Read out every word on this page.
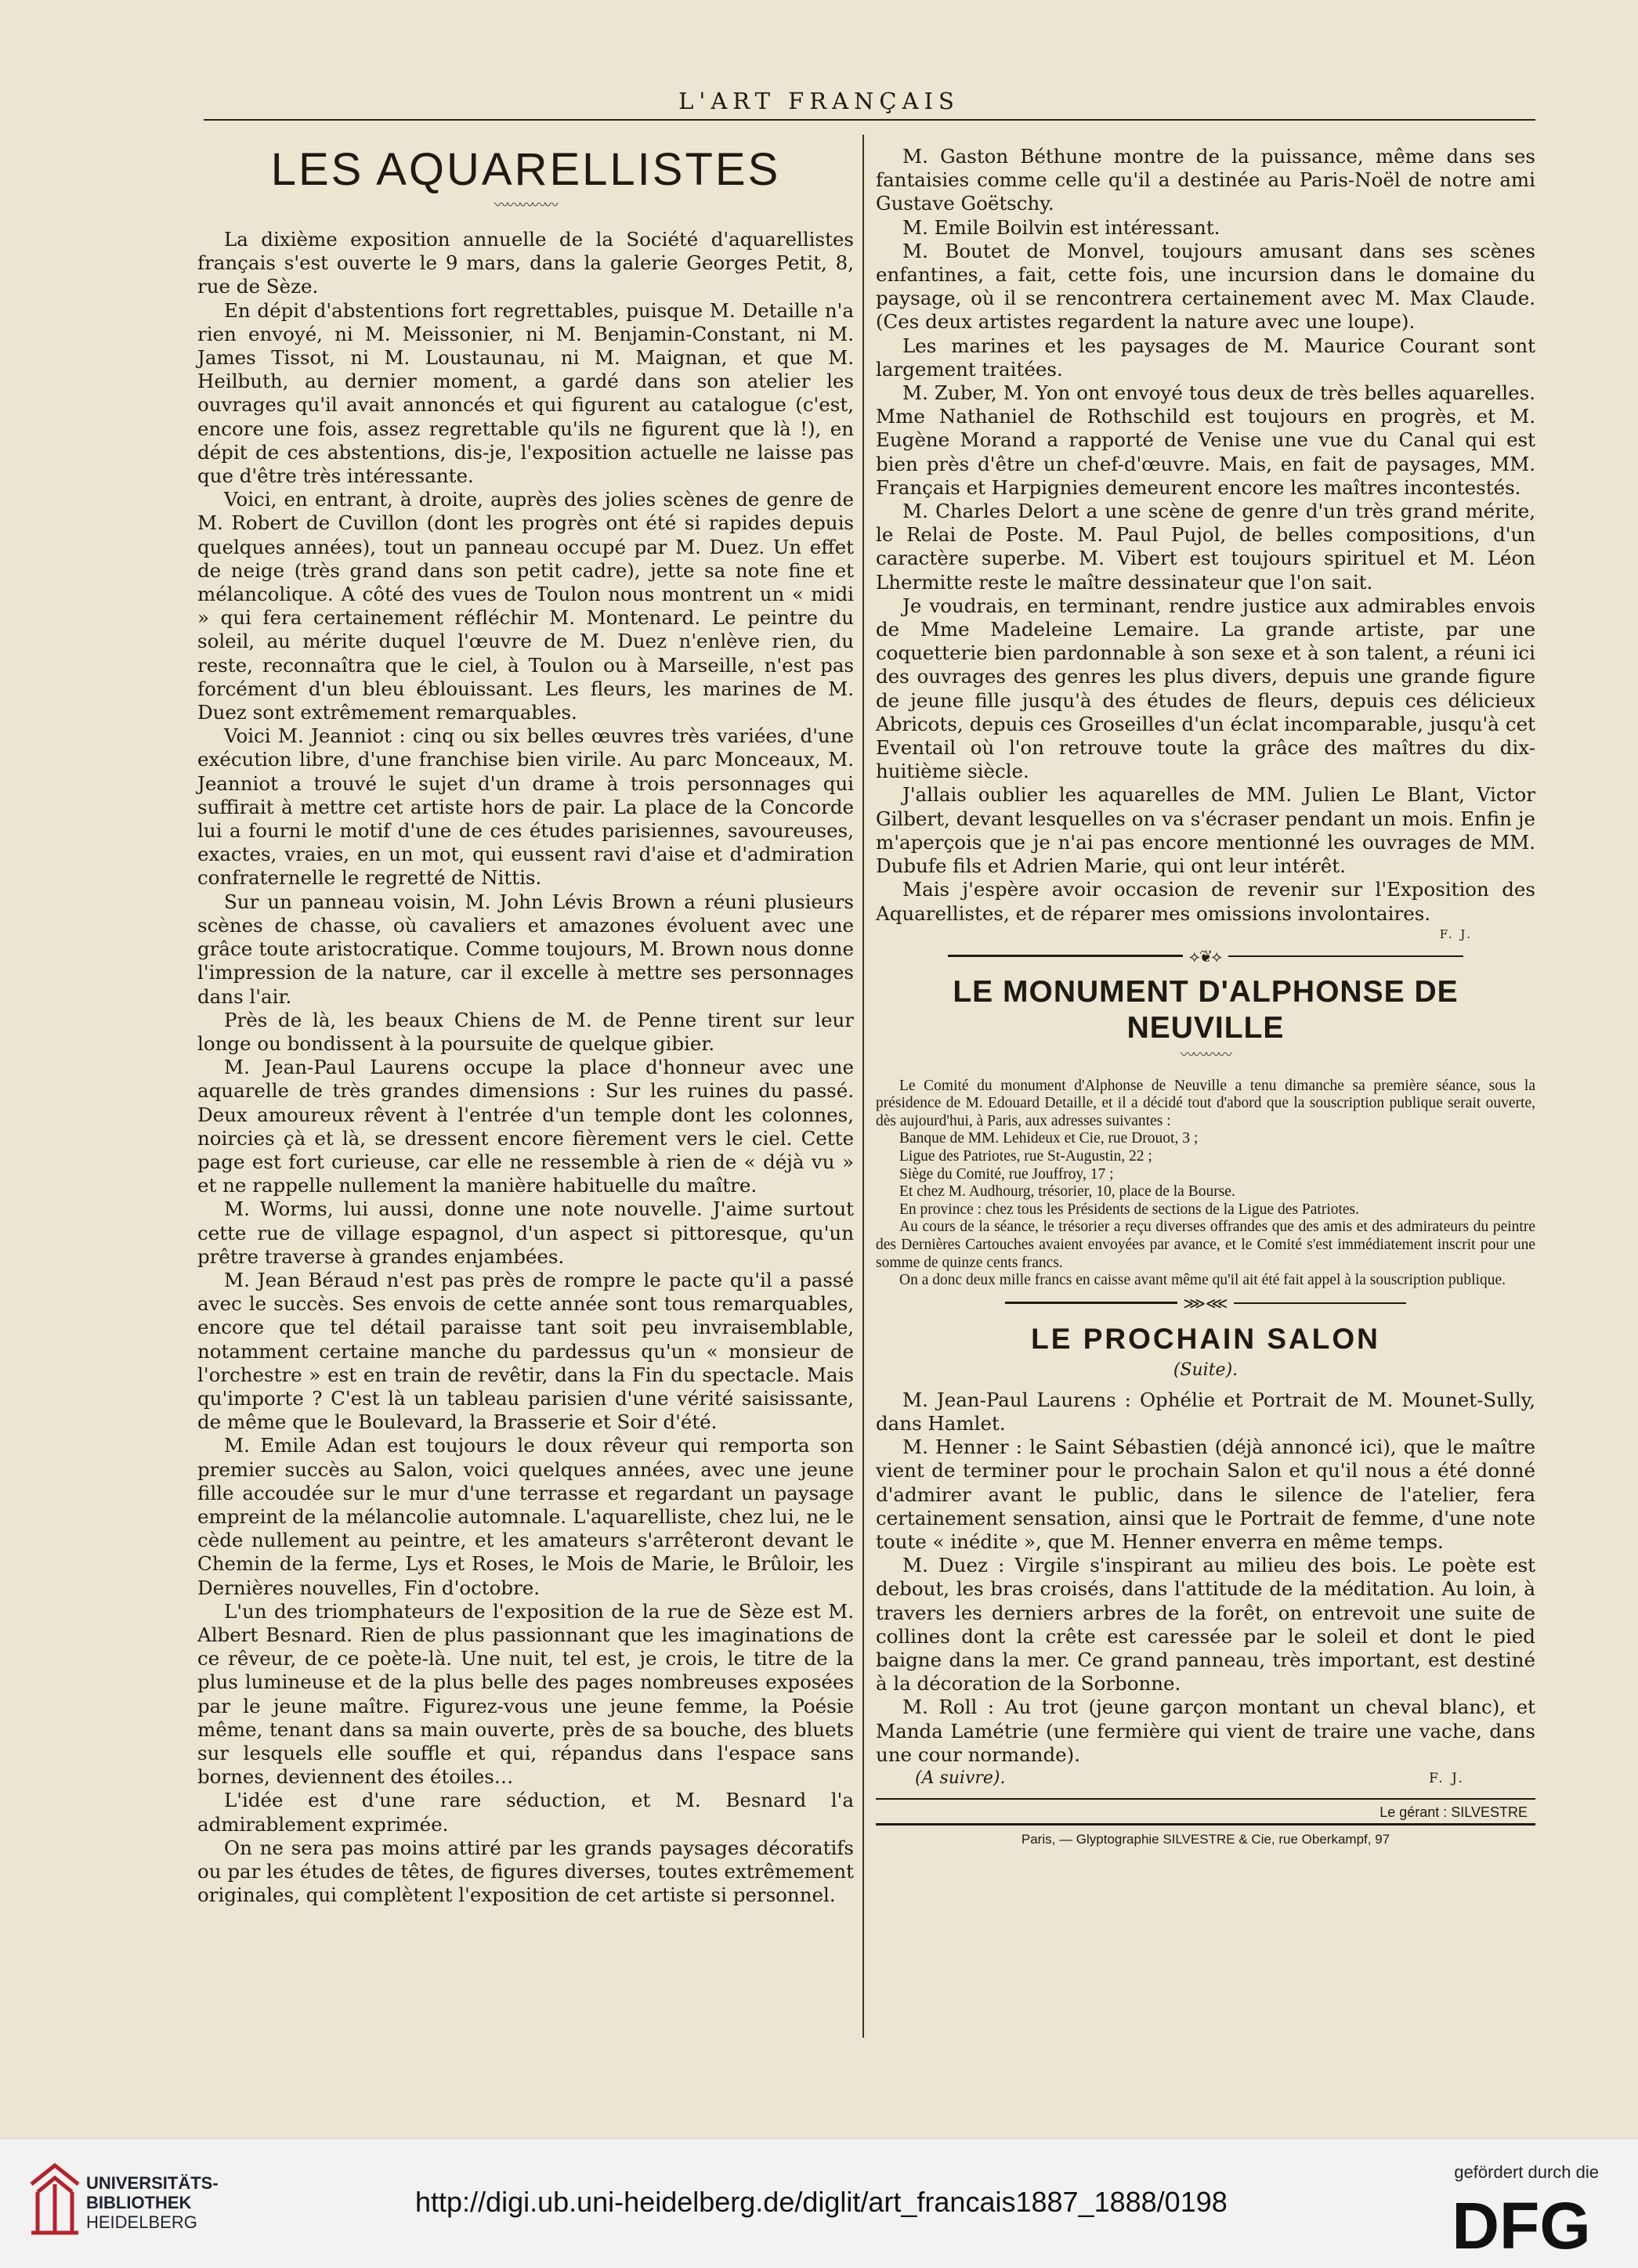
L'ART FRANÇAIS
LES AQUARELLISTES
〰〰〰〰〰

La dixième exposition annuelle de la Société d'aquarellistes français s'est ouverte le 9 mars, dans la galerie Georges Petit, 8, rue de Sèze.

En dépit d'abstentions fort regrettables, puisque M. Detaille n'a rien envoyé, ni M. Meissonier, ni M. Benjamin-Constant, ni M. James Tissot, ni M. Loustaunau, ni M. Maignan, et que M. Heilbuth, au dernier moment, a gardé dans son atelier les ouvrages qu'il avait annoncés et qui figurent au catalogue (c'est, encore une fois, assez regrettable qu'ils ne figurent que là !), en dépit de ces abstentions, dis-je, l'exposition actuelle ne laisse pas que d'être très intéressante.

Voici, en entrant, à droite, auprès des jolies scènes de genre de M. Robert de Cuvillon (dont les progrès ont été si rapides depuis quelques années), tout un panneau occupé par M. Duez. Un effet de neige (très grand dans son petit cadre), jette sa note fine et mélancolique. A côté des vues de Toulon nous montrent un « midi » qui fera certainement réfléchir M. Montenard. Le peintre du soleil, au mérite duquel l'œuvre de M. Duez n'enlève rien, du reste, reconnaîtra que le ciel, à Toulon ou à Marseille, n'est pas forcément d'un bleu éblouissant. Les fleurs, les marines de M. Duez sont extrêmement remarquables.

Voici M. Jeanniot : cinq ou six belles œuvres très variées, d'une exécution libre, d'une franchise bien virile. Au parc Monceaux, M. Jeanniot a trouvé le sujet d'un drame à trois personnages qui suffirait à mettre cet artiste hors de pair. La place de la Concorde lui a fourni le motif d'une de ces études parisiennes, savoureuses, exactes, vraies, en un mot, qui eussent ravi d'aise et d'admiration confraternelle le regretté de Nittis.

Sur un panneau voisin, M. John Lévis Brown a réuni plusieurs scènes de chasse, où cavaliers et amazones évoluent avec une grâce toute aristocratique. Comme toujours, M. Brown nous donne l'impression de la nature, car il excelle à mettre ses personnages dans l'air.

Près de là, les beaux Chiens de M. de Penne tirent sur leur longe ou bondissent à la poursuite de quelque gibier.

M. Jean-Paul Laurens occupe la place d'honneur avec une aquarelle de très grandes dimensions : Sur les ruines du passé. Deux amoureux rêvent à l'entrée d'un temple dont les colonnes, noircies çà et là, se dressent encore fièrement vers le ciel. Cette page est fort curieuse, car elle ne ressemble à rien de « déjà vu » et ne rappelle nullement la manière habituelle du maître.

M. Worms, lui aussi, donne une note nouvelle. J'aime surtout cette rue de village espagnol, d'un aspect si pittoresque, qu'un prêtre traverse à grandes enjambées.

M. Jean Béraud n'est pas près de rompre le pacte qu'il a passé avec le succès. Ses envois de cette année sont tous remarquables, encore que tel détail paraisse tant soit peu invraisemblable, notamment certaine manche du pardessus qu'un « monsieur de l'orchestre » est en train de revêtir, dans la Fin du spectacle. Mais qu'importe ? C'est là un tableau parisien d'une vérité saisissante, de même que le Boulevard, la Brasserie et Soir d'été.

M. Emile Adan est toujours le doux rêveur qui remporta son premier succès au Salon, voici quelques années, avec une jeune fille accoudée sur le mur d'une terrasse et regardant un paysage empreint de la mélancolie automnale. L'aquarelliste, chez lui, ne le cède nullement au peintre, et les amateurs s'arrêteront devant le Chemin de la ferme, Lys et Roses, le Mois de Marie, le Brûloir, les Dernières nouvelles, Fin d'octobre.

L'un des triomphateurs de l'exposition de la rue de Sèze est M. Albert Besnard. Rien de plus passionnant que les imaginations de ce rêveur, de ce poète-là. Une nuit, tel est, je crois, le titre de la plus lumineuse et de la plus belle des pages nombreuses exposées par le jeune maître. Figurez-vous une jeune femme, la Poésie même, tenant dans sa main ouverte, près de sa bouche, des bluets sur lesquels elle souffle et qui, répandus dans l'espace sans bornes, deviennent des étoiles…

L'idée est d'une rare séduction, et M. Besnard l'a admirablement exprimée.

On ne sera pas moins attiré par les grands paysages décoratifs ou par les études de têtes, de figures diverses, toutes extrêmement originales, qui complètent l'exposition de cet artiste si personnel.

M. Gaston Béthune montre de la puissance, même dans ses fantaisies comme celle qu'il a destinée au Paris-Noël de notre ami Gustave Goëtschy.

M. Emile Boilvin est intéressant.

M. Boutet de Monvel, toujours amusant dans ses scènes enfantines, a fait, cette fois, une incursion dans le domaine du paysage, où il se rencontrera certainement avec M. Max Claude. (Ces deux artistes regardent la nature avec une loupe).

Les marines et les paysages de M. Maurice Courant sont largement traitées.

M. Zuber, M. Yon ont envoyé tous deux de très belles aquarelles. Mme Nathaniel de Rothschild est toujours en progrès, et M. Eugène Morand a rapporté de Venise une vue du Canal qui est bien près d'être un chef-d'œuvre. Mais, en fait de paysages, MM. Français et Harpignies demeurent encore les maîtres incontestés.

M. Charles Delort a une scène de genre d'un très grand mérite, le Relai de Poste. M. Paul Pujol, de belles compositions, d'un caractère superbe. M. Vibert est toujours spirituel et M. Léon Lhermitte reste le maître dessinateur que l'on sait.

Je voudrais, en terminant, rendre justice aux admirables envois de Mme Madeleine Lemaire. La grande artiste, par une coquetterie bien pardonnable à son sexe et à son talent, a réuni ici des ouvrages des genres les plus divers, depuis une grande figure de jeune fille jusqu'à des études de fleurs, depuis ces délicieux Abricots, depuis ces Groseilles d'un éclat incomparable, jusqu'à cet Eventail où l'on retrouve toute la grâce des maîtres du dix-huitième siècle.

J'allais oublier les aquarelles de MM. Julien Le Blant, Victor Gilbert, devant lesquelles on va s'écraser pendant un mois. Enfin je m'aperçois que je n'ai pas encore mentionné les ouvrages de MM. Dubufe fils et Adrien Marie, qui ont leur intérêt.

Mais j'espère avoir occasion de revenir sur l'Exposition des Aquarellistes, et de réparer mes omissions involontaires.

F. J.
⟡❦⟡
LE MONUMENT D'ALPHONSE DE NEUVILLE
〰〰〰〰

Le Comité du monument d'Alphonse de Neuville a tenu dimanche sa première séance, sous la présidence de M. Edouard Detaille, et il a décidé tout d'abord que la souscription publique serait ouverte, dès aujourd'hui, à Paris, aux adresses suivantes :

Banque de MM. Lehideux et Cie, rue Drouot, 3 ;

Ligue des Patriotes, rue St-Augustin, 22 ;

Siège du Comité, rue Jouffroy, 17 ;

Et chez M. Audhourg, trésorier, 10, place de la Bourse.

En province : chez tous les Présidents de sections de la Ligue des Patriotes.

Au cours de la séance, le trésorier a reçu diverses offrandes que des amis et des admirateurs du peintre des Dernières Cartouches avaient envoyées par avance, et le Comité s'est immédiatement inscrit pour une somme de quinze cents francs.

On a donc deux mille francs en caisse avant même qu'il ait été fait appel à la souscription publique.

⋙⋘
LE PROCHAIN SALON
(Suite).

M. Jean-Paul Laurens : Ophélie et Portrait de M. Mounet-Sully, dans Hamlet.

M. Henner : le Saint Sébastien (déjà annoncé ici), que le maître vient de terminer pour le prochain Salon et qu'il nous a été donné d'admirer avant le public, dans le silence de l'atelier, fera certainement sensation, ainsi que le Portrait de femme, d'une note toute « inédite », que M. Henner enverra en même temps.

M. Duez : Virgile s'inspirant au milieu des bois. Le poète est debout, les bras croisés, dans l'attitude de la méditation. Au loin, à travers les derniers arbres de la forêt, on entrevoit une suite de collines dont la crête est caressée par le soleil et dont le pied baigne dans la mer. Ce grand panneau, très important, est destiné à la décoration de la Sorbonne.

M. Roll : Au trot (jeune garçon montant un cheval blanc), et Manda Lamétrie (une fermière qui vient de traire une vache, dans une cour normande).

(A suivre).	F. J.
Le gérant : SILVESTRE
Paris, — Glyptographie SILVESTRE & Cie, rue Oberkampf, 97
UNIVERSITÄTS-
BIBLIOTHEK
HEIDELBERG
http://digi.ub.uni-heidelberg.de/diglit/art_francais1887_1888/0198
gefördert durch die
DFG
